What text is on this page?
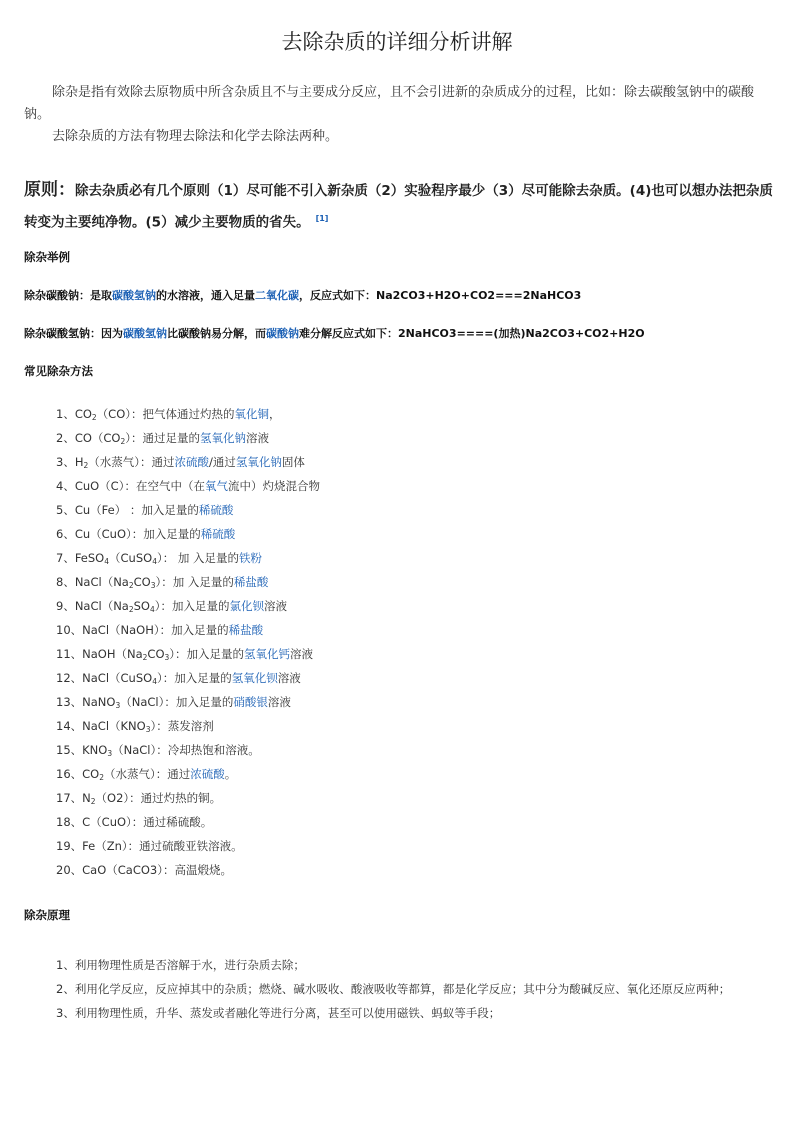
去除杂质的详细分析讲解
除杂是指有效除去原物质中所含杂质且不与主要成分反应，且不会引进新的杂质成分的过程，比如：除去碳酸氢钠中的碳酸钠。
去除杂质的方法有物理去除法和化学去除法两种。
原则：除去杂质必有几个原则（1）尽可能不引入新杂质（2）实验程序最少（3）尽可能除去杂质。(4)也可以想办法把杂质转变为主要纯净物。(5）减少主要物质的省失。 [1]
除杂举例
除杂碳酸钠：是取碳酸氢钠的水溶液，通入足量二氧化碳，反应式如下：Na2CO3+H2O+CO2===2NaHCO3
除杂碳酸氢钠：因为碳酸氢钠比碳酸钠易分解，而碳酸钠难分解反应式如下：2NaHCO3====(加热)Na2CO3+CO2+H2O
常见除杂方法
1、$CO_2(CO)$：把气体通过灼热的氧化铜，
2、$CO(CO_2)$：通过足量的氢氧化钠溶液
3、$H_2$（水蒸气）：通过浓硫酸/通过氢氧化钠固体
4、CuO（C）：在空气中（在氧气流中）灼烧混合物
5、Cu（Fe） ：加入足量的稀硫酸
6、Cu（CuO）：加入足量的稀硫酸
7、FeSO$_4$（CuSO$_4$）： 加 入足量的铁粉
8、$NaCl(Na_2CO_3)$：加 入足量的稀盐酸
9、$NaCl(Na_2SO_4)$：加入足量的氯化钡溶液
10、NaCl（NaOH）：加入足量的稀盐酸
11、$NaOH(Na_2CO_3)$：加入足量的氢氧化钙溶液
12、NaCl（CuSO$_4$）：加入足量的氢氧化钡溶液
13、NaNO$_3$（NaCl）：加入足量的硝酸银溶液
14、$NaCl(KNO_3)$：蒸发溶剂
15、$KNO_3(NaCl)$：冷却热饱和溶液。
16、$CO_2$（水蒸气）：通过浓硫酸。
17、$N_2(O2)$：通过灼热的铜。
18、C（CuO）：通过稀硫酸。
19、Fe（Zn）：通过硫酸亚铁溶液。
20、CaO（CaCO3）：高温煅烧。
除杂原理
1、利用物理性质是否溶解于水，进行杂质去除；
2、利用化学反应，反应掉其中的杂质；燃烧、碱水吸收、酸液吸收等都算，都是化学反应；其中分为酸碱反应、氧化还原反应两种；
3、利用物理性质，升华、蒸发或者融化等进行分离，甚至可以使用磁铁、蚂蚁等手段；
